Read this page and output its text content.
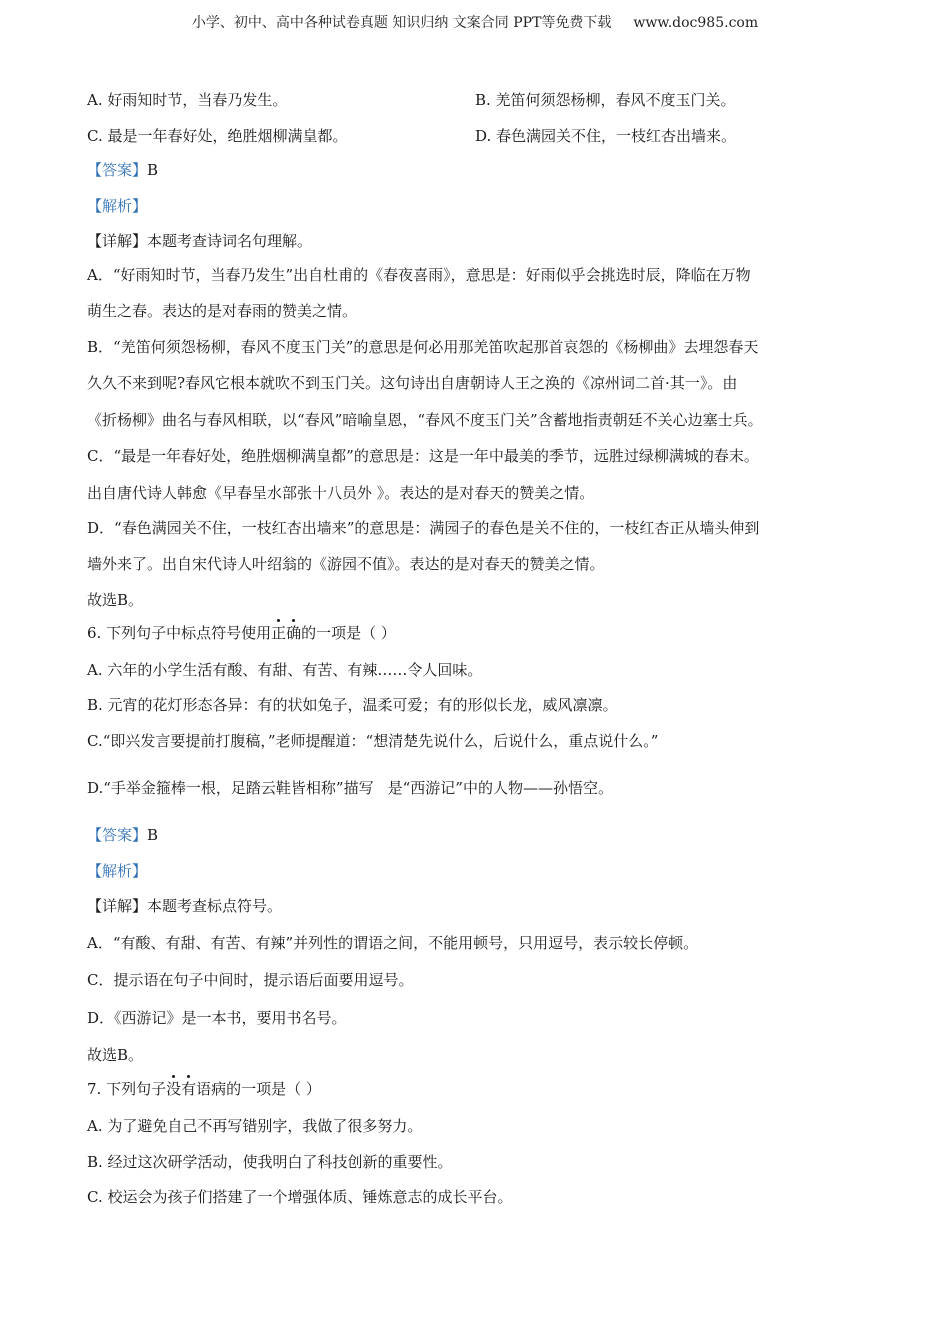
小学、初中、高中各种试卷真题 知识归纳 文案合同 PPT等免费下载 www.doc985.com
A. 好雨知时节，当春乃发生。	B. 羌笛何须怨杨柳，春风不度玉门关。
C. 最是一年春好处，绝胜烟柳满皇都。	D. 春色满园关不住，一枝红杏出墙来。
【答案】B
【解析】
【详解】本题考查诗词名句理解。
A．“好雨知时节，当春乃发生”出自杜甫的《春夜喜雨》，意思是：好雨似乎会挑选时辰，降临在万物
萌生之春。表达的是对春雨的赞美之情。
B．“羌笛何须怨杨柳，春风不度玉门关”的意思是何必用那羌笛吹起那首哀怨的《杨柳曲》去埋怨春天
久久不来到呢?春风它根本就吹不到玉门关。这句诗出自唐朝诗人王之涣的《凉州词二首·其一》。由
《折杨柳》曲名与春风相联，以“春风”暗喻皇恩，“春风不度玉门关”含蓄地指责朝廷不关心边塞士兵。
C．“最是一年春好处，绝胜烟柳满皇都”的意思是：这是一年中最美的季节，远胜过绿柳满城的春末。
出自唐代诗人韩愈《早春呈水部张十八员外 》。表达的是对春天的赞美之情。
D．“春色满园关不住，一枝红杏出墙来”的意思是：满园子的春色是关不住的，一枝红杏正从墙头伸到
墙外来了。出自宋代诗人叶绍翁的《游园不值》。表达的是对春天的赞美之情。
故选B。
6. 下列句子中标点符号使用正确的一项是（ ）
A. 六年的小学生活有酸、有甜、有苦、有辣……令人回味。
B. 元宵的花灯形态各异：有的状如兔子，温柔可爱；有的形似长龙，威风凛凛。
C.“即兴发言要提前打腹稿，”老师提醒道：“想清楚先说什么，后说什么，重点说什么。”
D.“手举金箍棒一根，足踏云鞋皆相称”描写 是“西游记”中的人物——孙悟空。
【答案】B
【解析】
【详解】本题考查标点符号。
A．“有酸、有甜、有苦、有辣”并列性的谓语之间，不能用顿号，只用逗号，表示较长停顿。
C．提示语在句子中间时，提示语后面要用逗号。
D．《西游记》是一本书，要用书名号。
故选B。
7. 下列句子没有语病的一项是（ ）
A. 为了避免自己不再写错别字，我做了很多努力。
B. 经过这次研学活动，使我明白了科技创新的重要性。
C. 校运会为孩子们搭建了一个增强体质、锤炼意志的成长平台。
